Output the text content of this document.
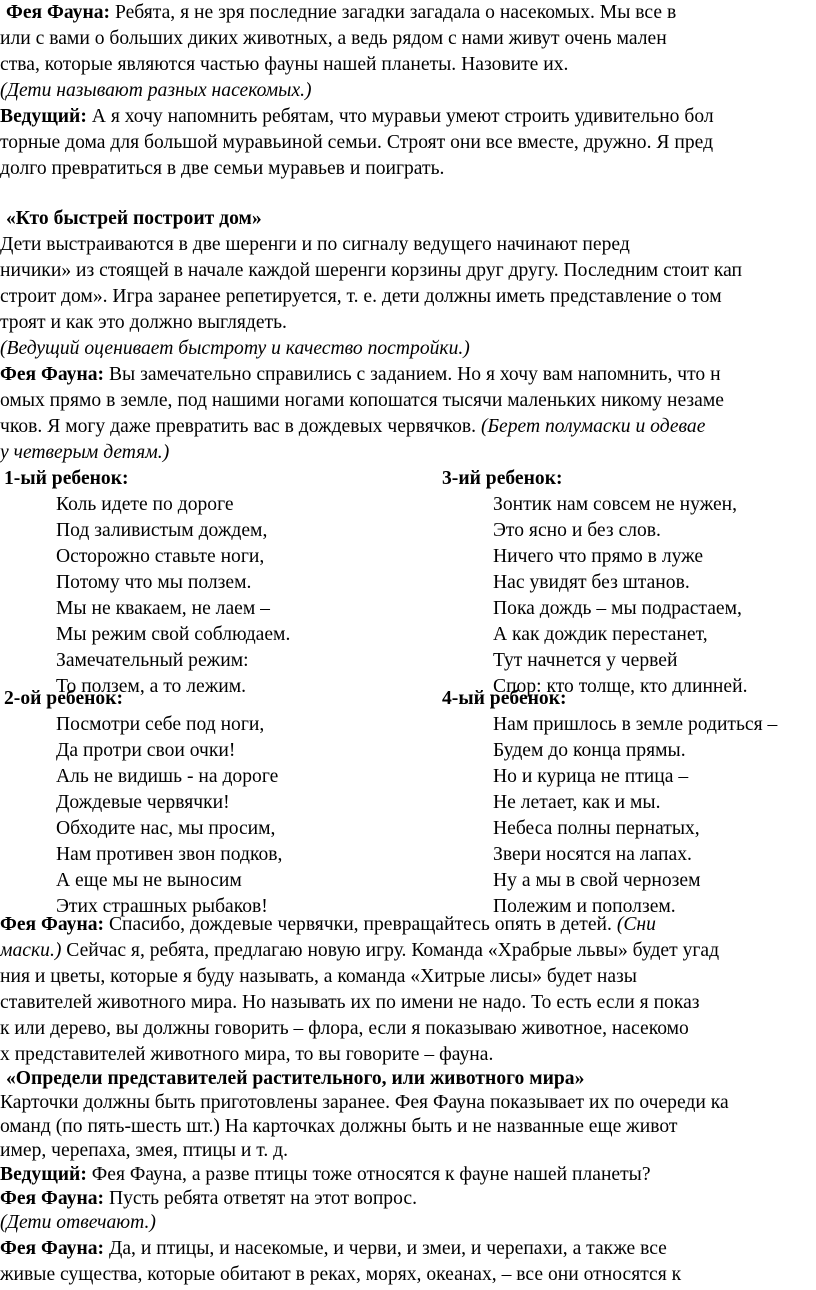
Фея Фауна: Ребята, я не зря последние загадки загадала о насекомых. Мы все в
или с вами о больших диких животных, а ведь рядом с нами живут очень мален
ства, которые являются частью фауны нашей планеты. Назовите их.
(Дети называют разных насекомых.)
Ведущий: А я хочу напомнить ребятам, что муравьи умеют строить удивительно бол
торные дома для большой муравьиной семьи. Строят они все вместе, дружно. Я пред
долго превратиться в две семьи муравьев и поиграть.
«Кто быстрей построит дом»
Дети выстраиваются в две шеренги и по сигналу ведущего начинают перед
ничики» из стоящей в начале каждой шеренги корзины друг другу. Последним стоит кап
строит дом». Игра заранее репетируется, т. е. дети должны иметь представление о том
троят и как это должно выглядеть.
(Ведущий оценивает быстроту и качество постройки.)
Фея Фауна: Вы замечательно справились с заданием. Но я хочу вам напомнить, что н
омых прямо в земле, под нашими ногами копошатся тысячи маленьких никому незаме
чков. Я могу даже превратить вас в дождевых червячков. (Берет полумаски и одевае
у четверым детям.)
1-ый ребенок:
Коль идете по дороге
Под заливистым дождем,
Осторожно ставьте ноги,
Потому что мы ползем.
Мы не квакаем, не лаем –
Мы режим свой соблюдаем.
Замечательный режим:
То ползем, а то лежим.
2-ой ребенок:
Посмотри себе под ноги,
Да протри свои очки!
Аль не видишь - на дороге
Дождевые червячки!
Обходите нас, мы просим,
Нам противен звон подков,
А еще мы не выносим
Этих страшных рыбаков!
3-ий ребенок:
Зонтик нам совсем не нужен,
Это ясно и без слов.
Ничего что прямо в луже
Нас увидят без штанов.
Пока дождь – мы подрастаем,
А как дождик перестанет,
Тут начнется у червей
Спор: кто толще, кто длинней.
4-ый ребенок:
Нам пришлось в земле родиться –
Будем до конца прямы.
Но и курица не птица –
Не летает, как и мы.
Небеса полны пернатых,
Звери носятся на лапах.
Ну а мы в свой чернозем
Полежим и поползем.
Фея Фауна: Спасибо, дождевые червячки, превращайтесь опять в детей. (Сни
маски.) Сейчас я, ребята, предлагаю новую игру. Команда «Храбрые львы» будет угад
ния и цветы, которые я буду называть, а команда «Хитрые лисы» будет назы
ставителей животного мира. Но называть их по имени не надо. То есть если я показ
к или дерево, вы должны говорить – флора, если я показываю животное, насекомо
х представителей животного мира, то вы говорите – фауна.
«Определи представителей растительного, или животного мира»
Карточки должны быть приготовлены заранее. Фея Фауна показывает их по очереди ка
оманд (по пять-шесть шт.) На карточках должны быть и не названные еще живот
имер, черепаха, змея, птицы и т. д.
Ведущий: Фея Фауна, а разве птицы тоже относятся к фауне нашей планеты?
Фея Фауна: Пусть ребята ответят на этот вопрос.
(Дети отвечают.)
Фея Фауна: Да, и птицы, и насекомые, и черви, и змеи, и черепахи, а также все
живые существа, которые обитают в реках, морях, океанах, – все они относятся к
